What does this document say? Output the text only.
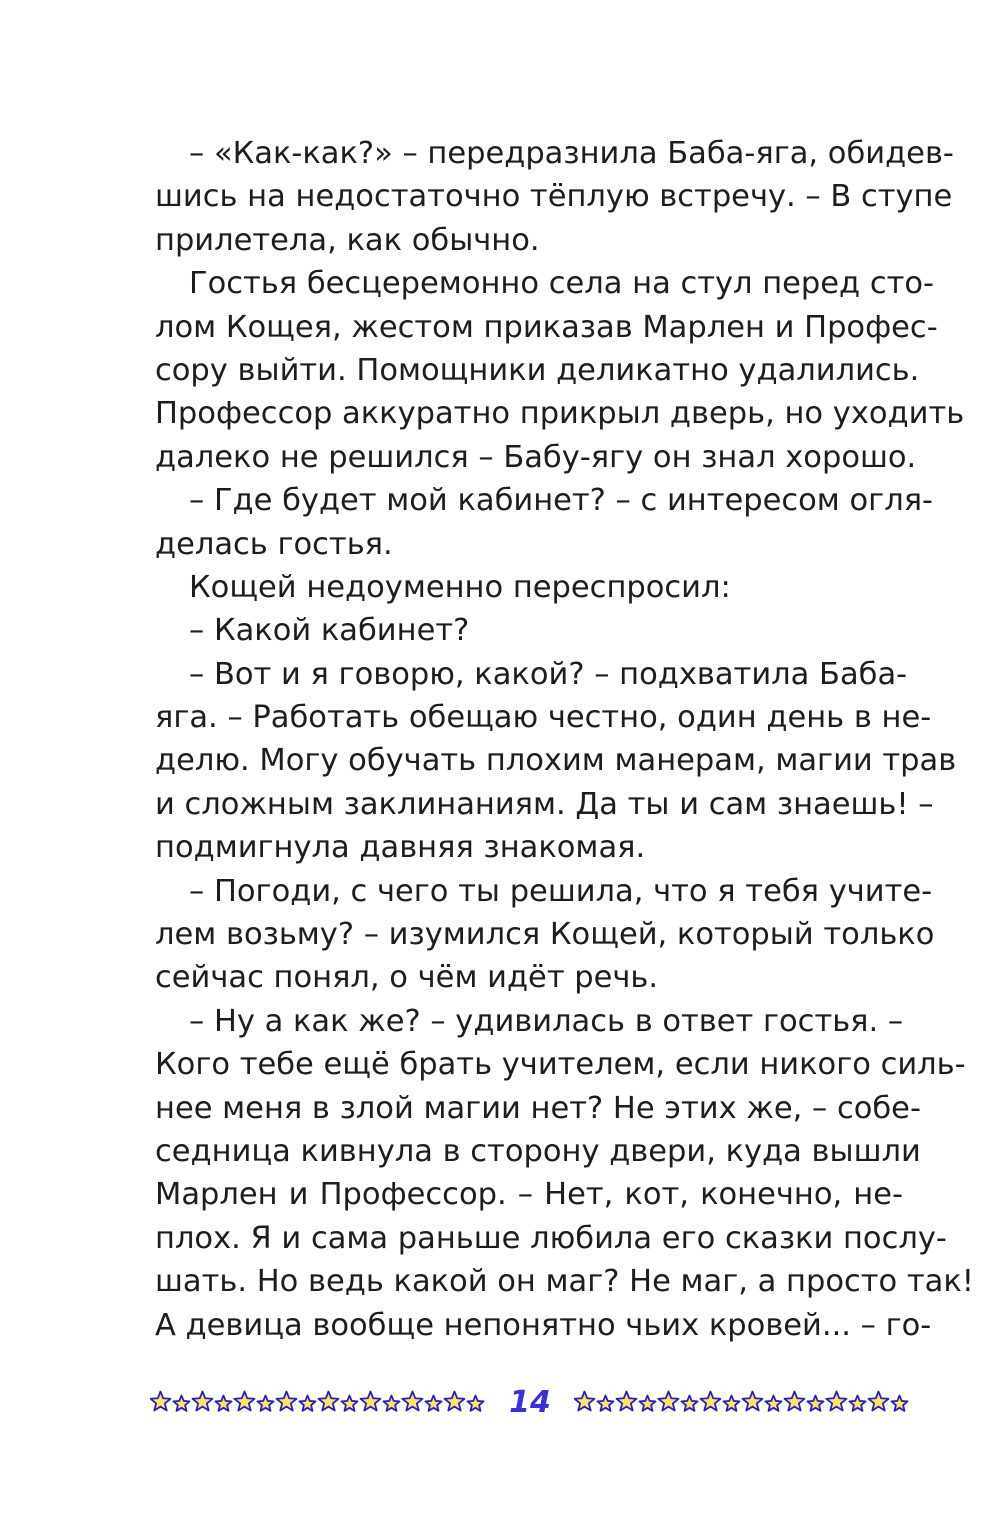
– «Как-как?» – передразнила Баба-яга, обидев-
шись на недостаточно тёплую встречу. – В ступе
прилетела, как обычно.
Гостья бесцеремонно села на стул перед сто-
лом Кощея, жестом приказав Марлен и Профес-
сору выйти. Помощники деликатно удалились.
Профессор аккуратно прикрыл дверь, но уходить
далеко не решился – Бабу-ягу он знал хорошо.
– Где будет мой кабинет? – с интересом огля-
делась гостья.
Кощей недоуменно переспросил:
– Какой кабинет?
– Вот и я говорю, какой? – подхватила Баба-
яга. – Работать обещаю честно, один день в не-
делю. Могу обучать плохим манерам, магии трав
и сложным заклинаниям. Да ты и сам знаешь! –
подмигнула давняя знакомая.
– Погоди, с чего ты решила, что я тебя учите-
лем возьму? – изумился Кощей, который только
сейчас понял, о чём идёт речь.
– Ну а как же? – удивилась в ответ гостья. –
Кого тебе ещё брать учителем, если никого силь-
нее меня в злой магии нет? Не этих же, – собе-
седница кивнула в сторону двери, куда вышли
Марлен и Профессор. – Нет, кот, конечно, не-
плох. Я и сама раньше любила его сказки послу-
шать. Но ведь какой он маг? Не маг, а просто так!
А девица вообще непонятно чьих кровей... – го-
14
